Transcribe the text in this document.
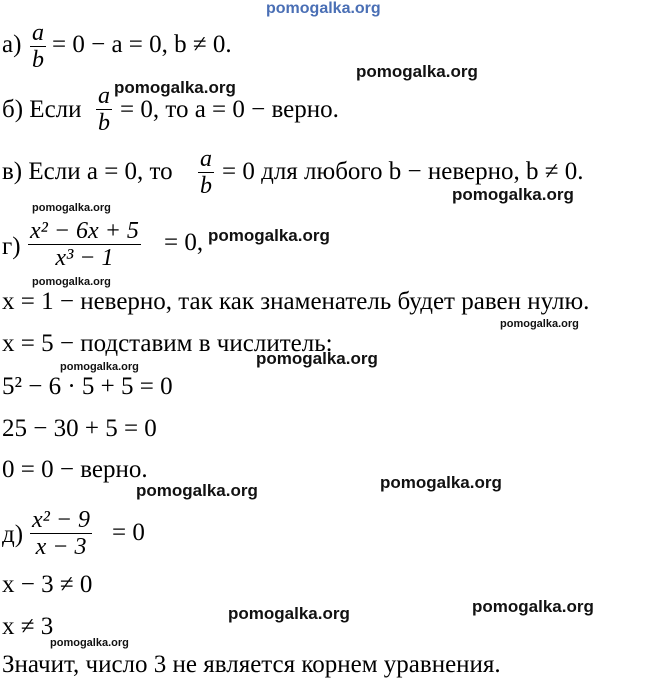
pomogalka.org
$а) \frac{a}{b} = 0 - a = 0$, b ≠ 0.
б) Если $\frac{a}{b} = 0$, то a = 0 − верно.
в) Если a = 0, то $\frac{a}{b} = 0$ для любого b − неверно, b ≠ 0.
$г) \frac{\text{x² − 6x + 5}}{\text{x³ − 1}} = 0$,
x = 1 − неверно, так как знаменатель будет равен нулю.
x = 5 − подставим в числитель:
5² − 6 · 5 + 5 = 0
25 − 30 + 5 = 0
0 = 0 − верно.
$д) \frac{\text{x² − 9}}{x - 3} = 0$
x − 3 ≠ 0
x ≠ 3
Значит, число 3 не является корнем уравнения.
pomogalka.org
pomogalka.org
pomogalka.org
pomogalka.org
pomogalka.org
pomogalka.org
pomogalka.org
pomogalka.org
pomogalka.org
pomogalka.org
pomogalka.org
pomogalka.org
pomogalka.org
pomogalka.org
